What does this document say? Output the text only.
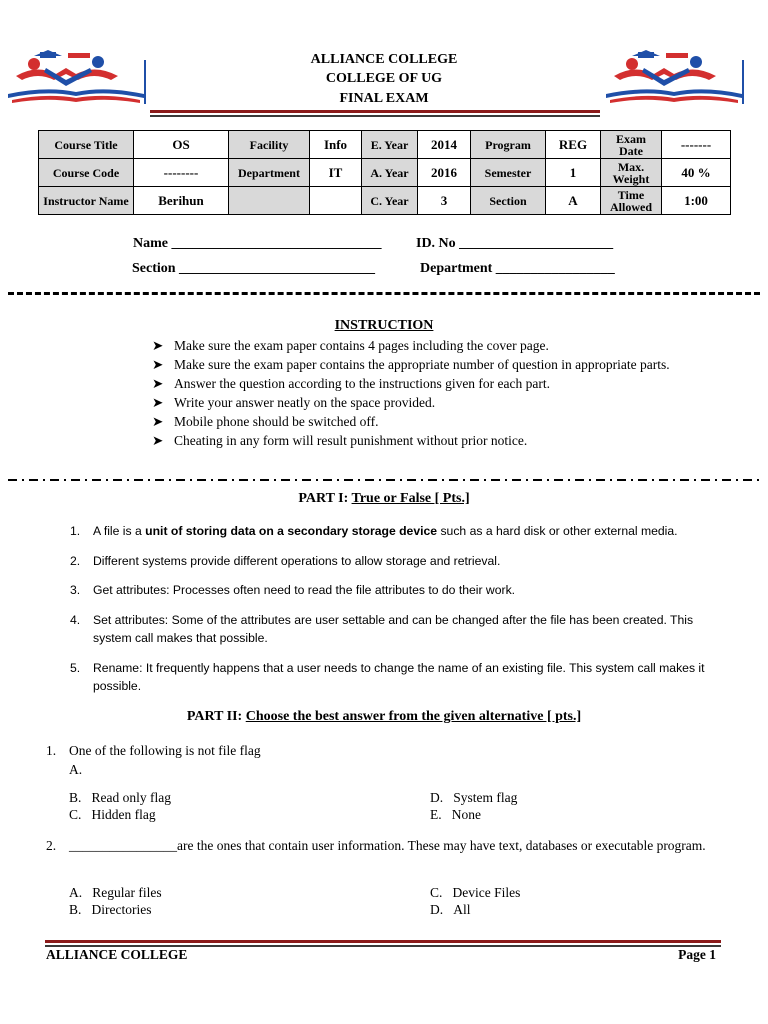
ALLIANCE COLLEGE
COLLEGE OF UG
FINAL EXAM
Course Title	OS	Facility	Info	E. Year	2014	Program	REG	Exam Date	-------
Course Code	--------	Department	IT	A. Year	2016	Semester	1	Max. Weight	40 %
Instructor Name	Berihun			C. Year	3	Section	A	Time Allowed	1:00
Name ______________________________ ID. No ______________________
Section ____________________________	Department _________________
INSTRUCTION
➤ Make sure the exam paper contains 4 pages including the cover page.
➤ Make sure the exam paper contains the appropriate number of question in appropriate parts.
➤ Answer the question according to the instructions given for each part.
➤ Write your answer neatly on the space provided.
➤ Mobile phone should be switched off.
➤ Cheating in any form will result punishment without prior notice.
PART I: True or False [ Pts.]
1.	A file is a unit of storing data on a secondary storage device such as a hard disk or other external media.
2.	Different systems provide different operations to allow storage and retrieval.
3.	Get attributes: Processes often need to read the file attributes to do their work.
4.	Set attributes: Some of the attributes are user settable and can be changed after the file has been created. This system call makes that possible.
5.	Rename: It frequently happens that a user needs to change the name of an existing file. This system call makes it possible.
PART II: Choose the best answer from the given alternative [ pts.]
1. One of the following is not file flag
A.
B. Read only flag	D. System flag
C. Hidden flag	E. None
2. ________________are the ones that contain user information. These may have text, databases or executable program.
A. Regular files	C. Device Files
B. Directories	D. All
ALLIANCE COLLEGE	Page 1
